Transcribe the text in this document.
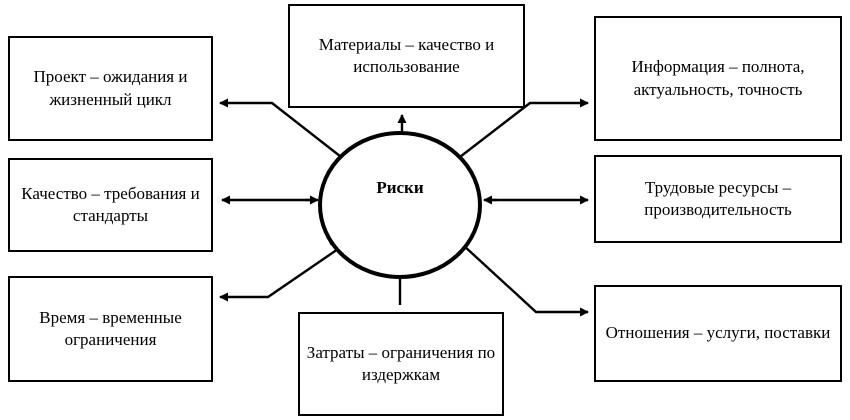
Риски
Проект – ожидания и жизненный цикл
Материалы – качество и использование	Информация – полнота, актуальность, точность
Качество – требования и стандарты
Трудовые ресурсы – производительность
Время – временные ограничения
Затраты – ограничения по издержкам
Отношения – услуги, поставки
